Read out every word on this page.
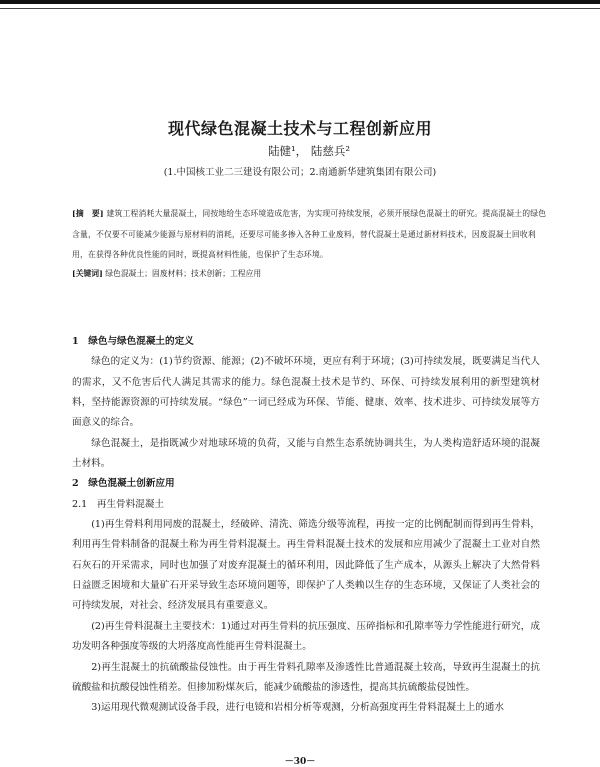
现代绿色混凝土技术与工程创新应用
陆健¹， 陆慈兵²
(1.中国核工业二三建设有限公司；2.南通新华建筑集团有限公司)
[摘　要] 建筑工程消耗大量混凝土，同按地给生态环境造成危害，为实现可持续发展，必须开展绿色混凝土的研究。提高混凝土的绿色含量，不仅要不可能减少能源与原材料的消耗，还要尽可能多掺入各种工业废料，替代混凝土是通过新材料技术，因废混凝土回收利用，在获得各种优良性能的同时，既提高材料性能，也保护了生态环境。
[关键词] 绿色混凝土；固废材料；技术创新；工程应用
1　绿色与绿色混凝土的定义

绿色的定义为：(1)节约资源、能源；(2)不破坏环境，更应有利于环境；(3)可持续发展，既要满足当代人的需求，又不危害后代人满足其需求的能力。绿色混凝土技术是节约、环保、可持续发展利用的新型建筑材料，坚持能源资源的可持续发展。“绿色”一词已经成为环保、节能、健康、效率、技术进步、可持续发展等方面意义的综合。

绿色混凝土，是指既减少对地球环境的负荷，又能与自然生态系统协调共生，为人类构造舒适环境的混凝土材料。

2　绿色混凝土创新应用
2.1　再生骨料混凝土

(1)再生骨料利用同废的混凝土，经破碎、清洗、筛选分级等流程，再按一定的比例配制而得到再生骨料，利用再生骨料制备的混凝土称为再生骨料混凝土。再生骨料混凝土技术的发展和应用减少了混凝土工业对自然石灰石的开采需求，同时也加强了对废弃混凝土的循环利用，因此降低了生产成本，从源头上解决了大然骨料日益匮乏困境和大量矿石开采导致生态环境问题等，即保护了人类赖以生存的生态环境，又保证了人类社会的可持续发展，对社会、经济发展具有重要意义。

(2)再生骨料混凝土主要技术：1)通过对再生骨料的抗压强度、压碎指标和孔隙率等力学性能进行研究，成功发明各种强度等级的大坍落度高性能再生骨料混凝土。

2)再生混凝土的抗硫酸盐侵蚀性。由于再生骨料孔隙率及渗透性比普通混凝土较高，导致再生混凝土的抗硫酸盐和抗酸侵蚀性稍差。但掺加粉煤灰后，能减少硫酸盐的渗透性，提高其抗硫酸盐侵蚀性。

3)运用现代微观测试设备手段，进行电镜和岩相分析等观测，分析高强度再生骨料混凝土上的通水

－30－
